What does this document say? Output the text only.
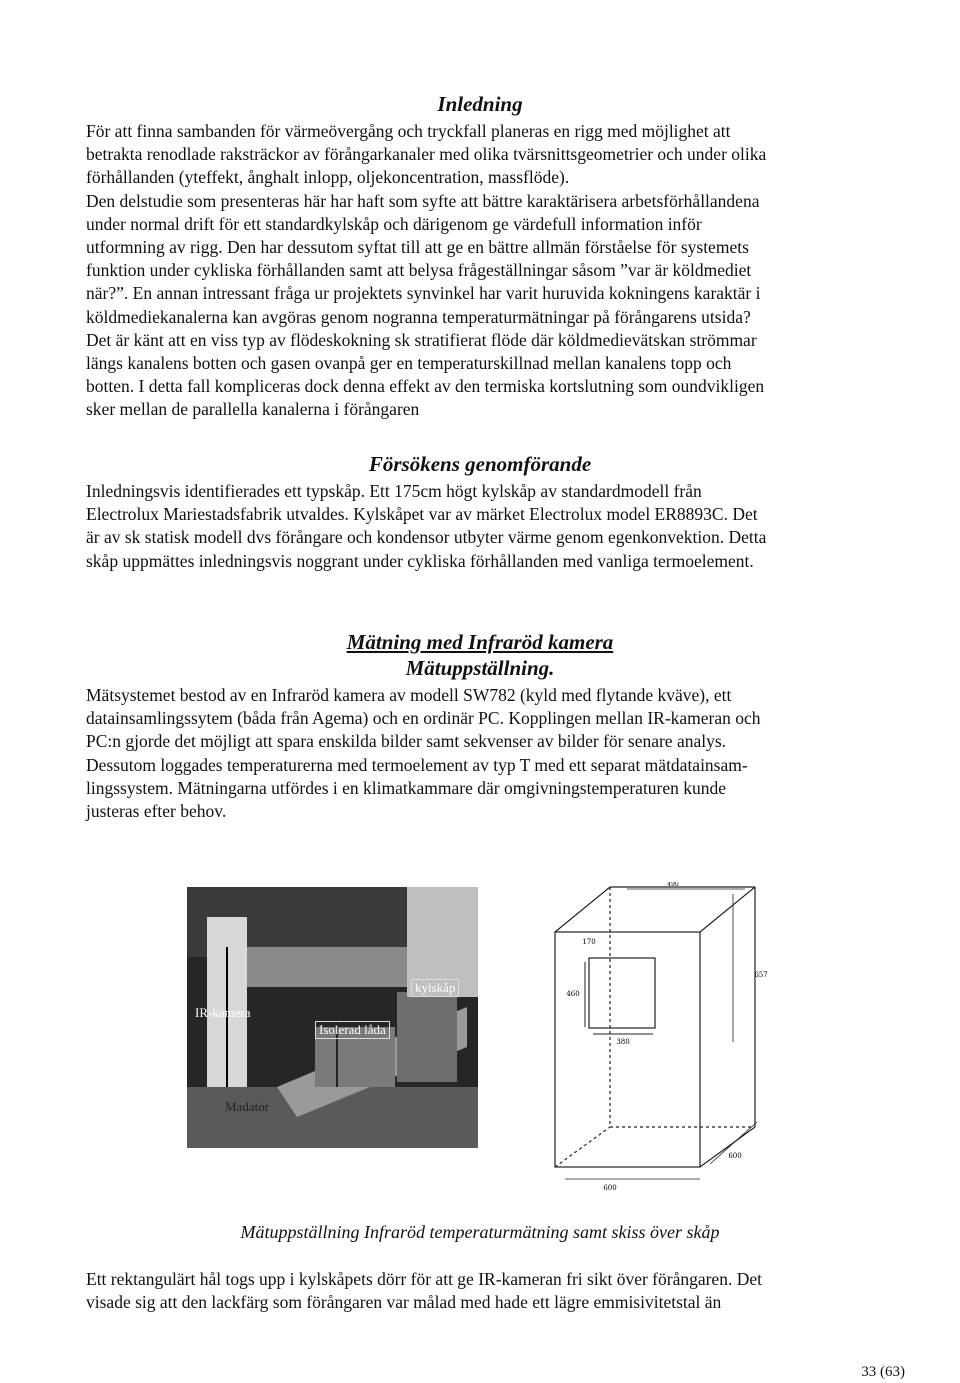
Inledning
För att finna sambanden för värmeövergång och tryckfall planeras en rigg med möjlighet att
betrakta renodlade raksträckor av förångarkanaler med olika tvärsnittsgeometrier och under olika
förhållanden (yteffekt, ånghalt inlopp, oljekoncentration, massflöde).
Den delstudie som presenteras här har haft som syfte att bättre karaktärisera arbetsförhållandena
under normal drift för ett standardkylskåp och därigenom ge värdefull information inför
utformning av rigg. Den har dessutom syftat till att ge en bättre allmän förståelse för systemets
funktion under cykliska förhållanden samt att belysa frågeställningar såsom ”var är köldmediet
när?”. En annan intressant fråga ur projektets synvinkel har varit huruvida kokningens karaktär i
köldmediekanalerna kan avgöras genom nogranna temperaturmätningar på förångarens utsida?
Det är känt att en viss typ av flödeskokning sk stratifierat flöde där köldmedievätskan strömmar
längs kanalens botten och gasen ovanpå ger en temperaturskillnad mellan kanalens topp och
botten. I detta fall kompliceras dock denna effekt av den termiska kortslutning som oundvikligen
sker mellan de parallella kanalerna i förångaren
Försökens genomförande
Inledningsvis identifierades ett typskåp. Ett 175cm högt kylskåp av standardmodell från
Electrolux Mariestadsfabrik utvaldes. Kylskåpet var av märket Electrolux model ER8893C. Det
är av sk statisk modell dvs förångare och kondensor utbyter värme genom egenkonvektion. Detta
skåp uppmättes inledningsvis noggrant under cykliska förhållanden med vanliga termoelement.
Mätning med Infraröd kamera
Mätuppställning.
Mätsystemet bestod av en Infraröd kamera av modell SW782 (kyld med flytande kväve), ett
datainsamlingssytem (båda från Agema) och en ordinär PC. Kopplingen mellan IR-kameran och
PC:n gjorde det möjligt att spara enskilda bilder samt sekvenser av bilder för senare analys.
Dessutom loggades temperaturerna med termoelement av typ T med ett separat mätdatainsam-
lingssystem. Mätningarna utfördes i en klimatkammare där omgivningstemperaturen kunde
justeras efter behov.
kylskåp
Isolerad låda
IR-kamera
Madator
490
170
657
460
380
600
600

Mätuppställning Infraröd temperaturmätning samt skiss över skåp

Ett rektangulärt hål togs upp i kylskåpets dörr för att ge IR-kameran fri sikt över förångaren. Det
visade sig att den lackfärg som förångaren var målad med hade ett lägre emmisivitetstal än
33 (63)
